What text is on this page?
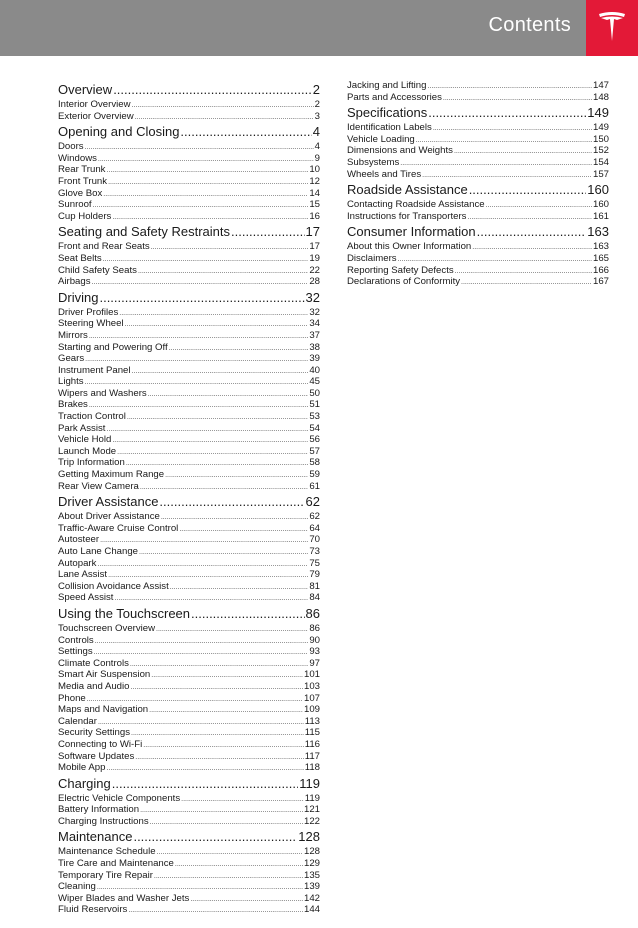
Contents
Overview .....	2
Interior Overview .....	2
Exterior Overview .....	3
Opening and Closing .....	4
Doors .....	4
Windows .....	9
Rear Trunk .....	10
Front Trunk .....	12
Glove Box .....	14
Sunroof .....	15
Cup Holders .....	16
Seating and Safety Restraints .....	17
Front and Rear Seats .....	17
Seat Belts .....	19
Child Safety Seats .....	22
Airbags .....	28
Driving .....	32
Driver Profiles .....	32
Steering Wheel .....	34
Mirrors .....	37
Starting and Powering Off .....	38
Gears .....	39
Instrument Panel .....	40
Lights .....	45
Wipers and Washers .....	50
Brakes .....	51
Traction Control .....	53
Park Assist .....	54
Vehicle Hold .....	56
Launch Mode .....	57
Trip Information .....	58
Getting Maximum Range .....	59
Rear View Camera .....	61
Driver Assistance .....	62
About Driver Assistance .....	62
Traffic-Aware Cruise Control .....	64
Autosteer .....	70
Auto Lane Change .....	73
Autopark .....	75
Lane Assist .....	79
Collision Avoidance Assist .....	81
Speed Assist .....	84
Using the Touchscreen .....	86
Touchscreen Overview .....	86
Controls .....	90
Settings .....	93
Climate Controls .....	97
Smart Air Suspension .....	101
Media and Audio .....	103
Phone .....	107
Maps and Navigation .....	109
Calendar .....	113
Security Settings .....	115
Connecting to Wi-Fi .....	116
Software Updates .....	117
Mobile App .....	118
Charging .....	119
Electric Vehicle Components .....	119
Battery Information .....	121
Charging Instructions .....	122
Maintenance .....	128
Maintenance Schedule .....	128
Tire Care and Maintenance .....	129
Temporary Tire Repair .....	135
Cleaning .....	139
Wiper Blades and Washer Jets .....	142
Fluid Reservoirs .....	144
Jacking and Lifting .....	147
Parts and Accessories .....	148
Specifications .....	149
Identification Labels .....	149
Vehicle Loading .....	150
Dimensions and Weights .....	152
Subsystems .....	154
Wheels and Tires .....	157
Roadside Assistance .....	160
Contacting Roadside Assistance .....	160
Instructions for Transporters .....	161
Consumer Information .....	163
About this Owner Information .....	163
Disclaimers .....	165
Reporting Safety Defects .....	166
Declarations of Conformity .....	167
